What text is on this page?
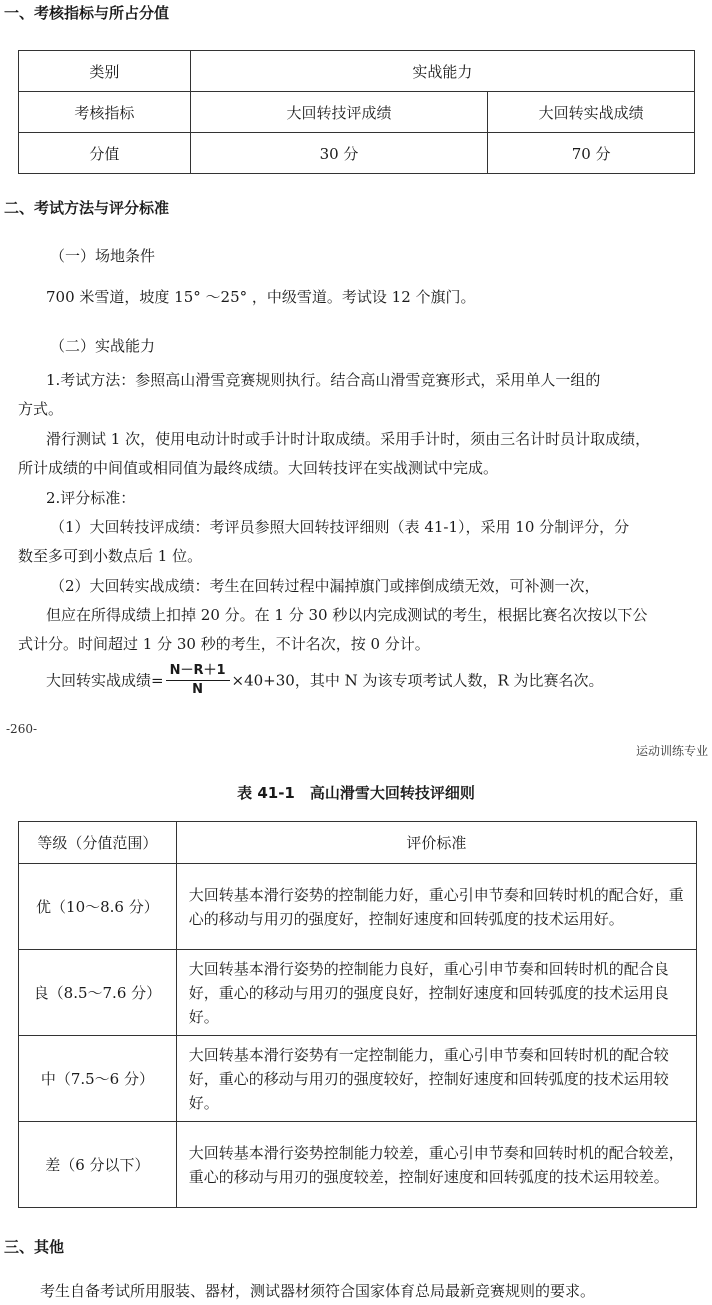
一、考核指标与所占分值
类别	实战能力	
考核指标	大回转技评成绩	大回转实战成绩
分值	30 分	70 分
二、考试方法与评分标准
（一）场地条件
700 米雪道，坡度 15° ～25° ，中级雪道。考试设 12 个旗门。
（二）实战能力
1.考试方法：参照高山滑雪竞赛规则执行。结合高山滑雪竞赛形式，采用单人一组的
方式。
滑行测试 1 次，使用电动计时或手计时计取成绩。采用手计时，须由三名计时员计取成绩，
所计成绩的中间值或相同值为最终成绩。大回转技评在实战测试中完成。
2.评分标准：
（1）大回转技评成绩：考评员参照大回转技评细则（表 41-1），采用 10 分制评分，分
数至多可到小数点后 1 位。
（2）大回转实战成绩：考生在回转过程中漏掉旗门或摔倒成绩无效，可补测一次，
但应在所得成绩上扣掉 20 分。在 1 分 30 秒以内完成测试的考生，根据比赛名次按以下公
式计分。时间超过 1 分 30 秒的考生，不计名次，按 0 分计。
大回转实战成绩= $\frac{N-R+1}{N} \times 40+30$，其中 N 为该专项考试人数，R 为比赛名次。
-260-
运动训练专业
表 41-1　高山滑雪大回转技评细则
等级（分值范围）	评价标准
优（10～8.6 分）	大回转基本滑行姿势的控制能力好，重心引申节奏和回转时机的配合好，重心的移动与用刃的强度好，控制好速度和回转弧度的技术运用好。
良（8.5～7.6 分）	大回转基本滑行姿势的控制能力良好，重心引申节奏和回转时机的配合良好，重心的移动与用刃的强度良好，控制好速度和回转弧度的技术运用良好。
中（7.5～6 分）	大回转基本滑行姿势有一定控制能力，重心引申节奏和回转时机的配合较好，重心的移动与用刃的强度较好，控制好速度和回转弧度的技术运用较好。
差（6 分以下）	大回转基本滑行姿势控制能力较差，重心引申节奏和回转时机的配合较差，重心的移动与用刃的强度较差，控制好速度和回转弧度的技术运用较差。
三、其他
考生自备考试所用服装、器材，测试器材须符合国家体育总局最新竞赛规则的要求。
